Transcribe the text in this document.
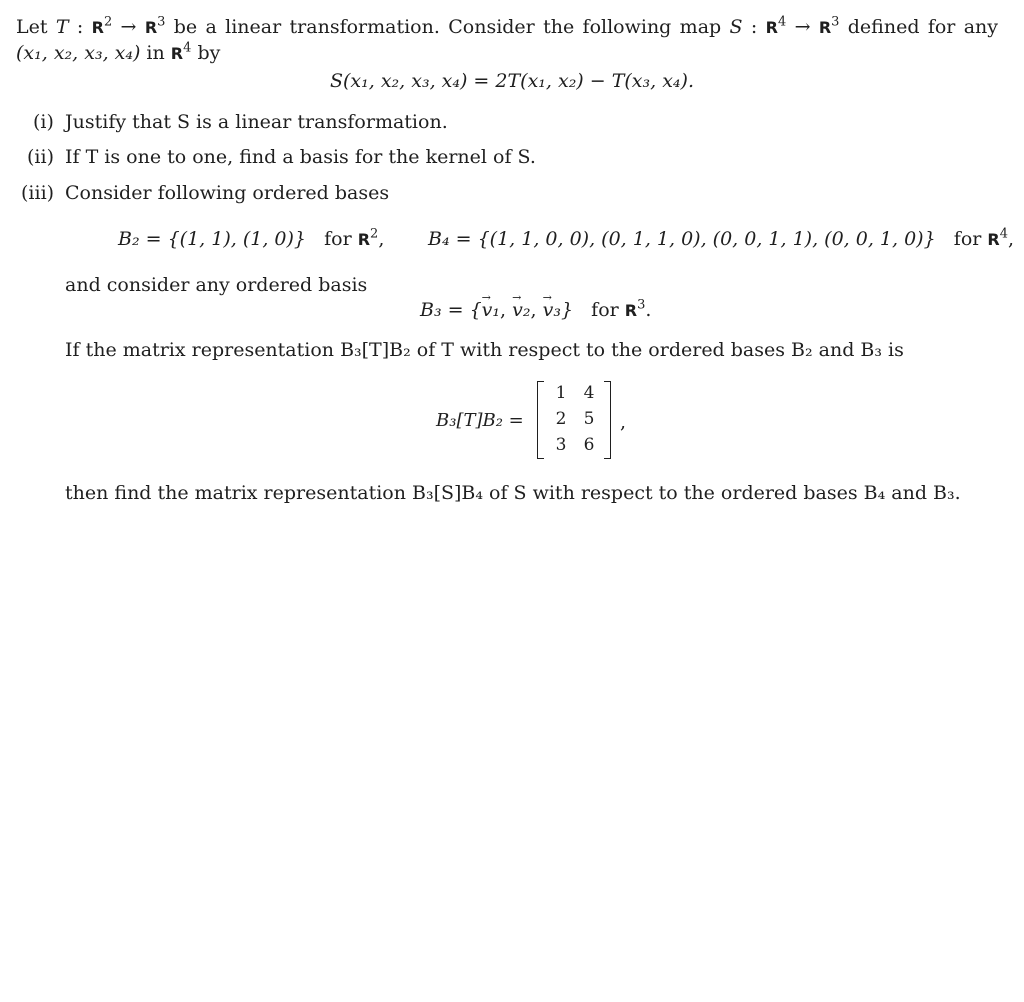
Let T : $R^2 \to R^3$ be a linear transformation. Consider the following map S : $R^4 \to R^3$ defined for any
(x₁, x₂, x₃, x₄) in $R^4$ by
S(x₁, x₂, x₃, x₄) = 2T(x₁, x₂) − T(x₃, x₄).
(i) Justify that S is a linear transformation.
(ii) If T is one to one, find a basis for the kernel of S.
(iii) Consider following ordered bases
B₂ = {(1, 1), (1, 0)} for $R^2$, B₄ = {(1, 1, 0, 0), (0, 1, 1, 0), (0, 0, 1, 1), (0, 0, 1, 0)} for $R^4$,
and consider any ordered basis
B₃ = {→ v₁, → v₂, → v₃} for $R^3$.
If the matrix representation B₃[T]B₂ of T with respect to the ordered bases B₂ and B₃ is
B₃[T]B₂ =
1 4
2 5
3 6
,
then find the matrix representation B₃[S]B₄ of S with respect to the ordered bases B₄ and B₃.
